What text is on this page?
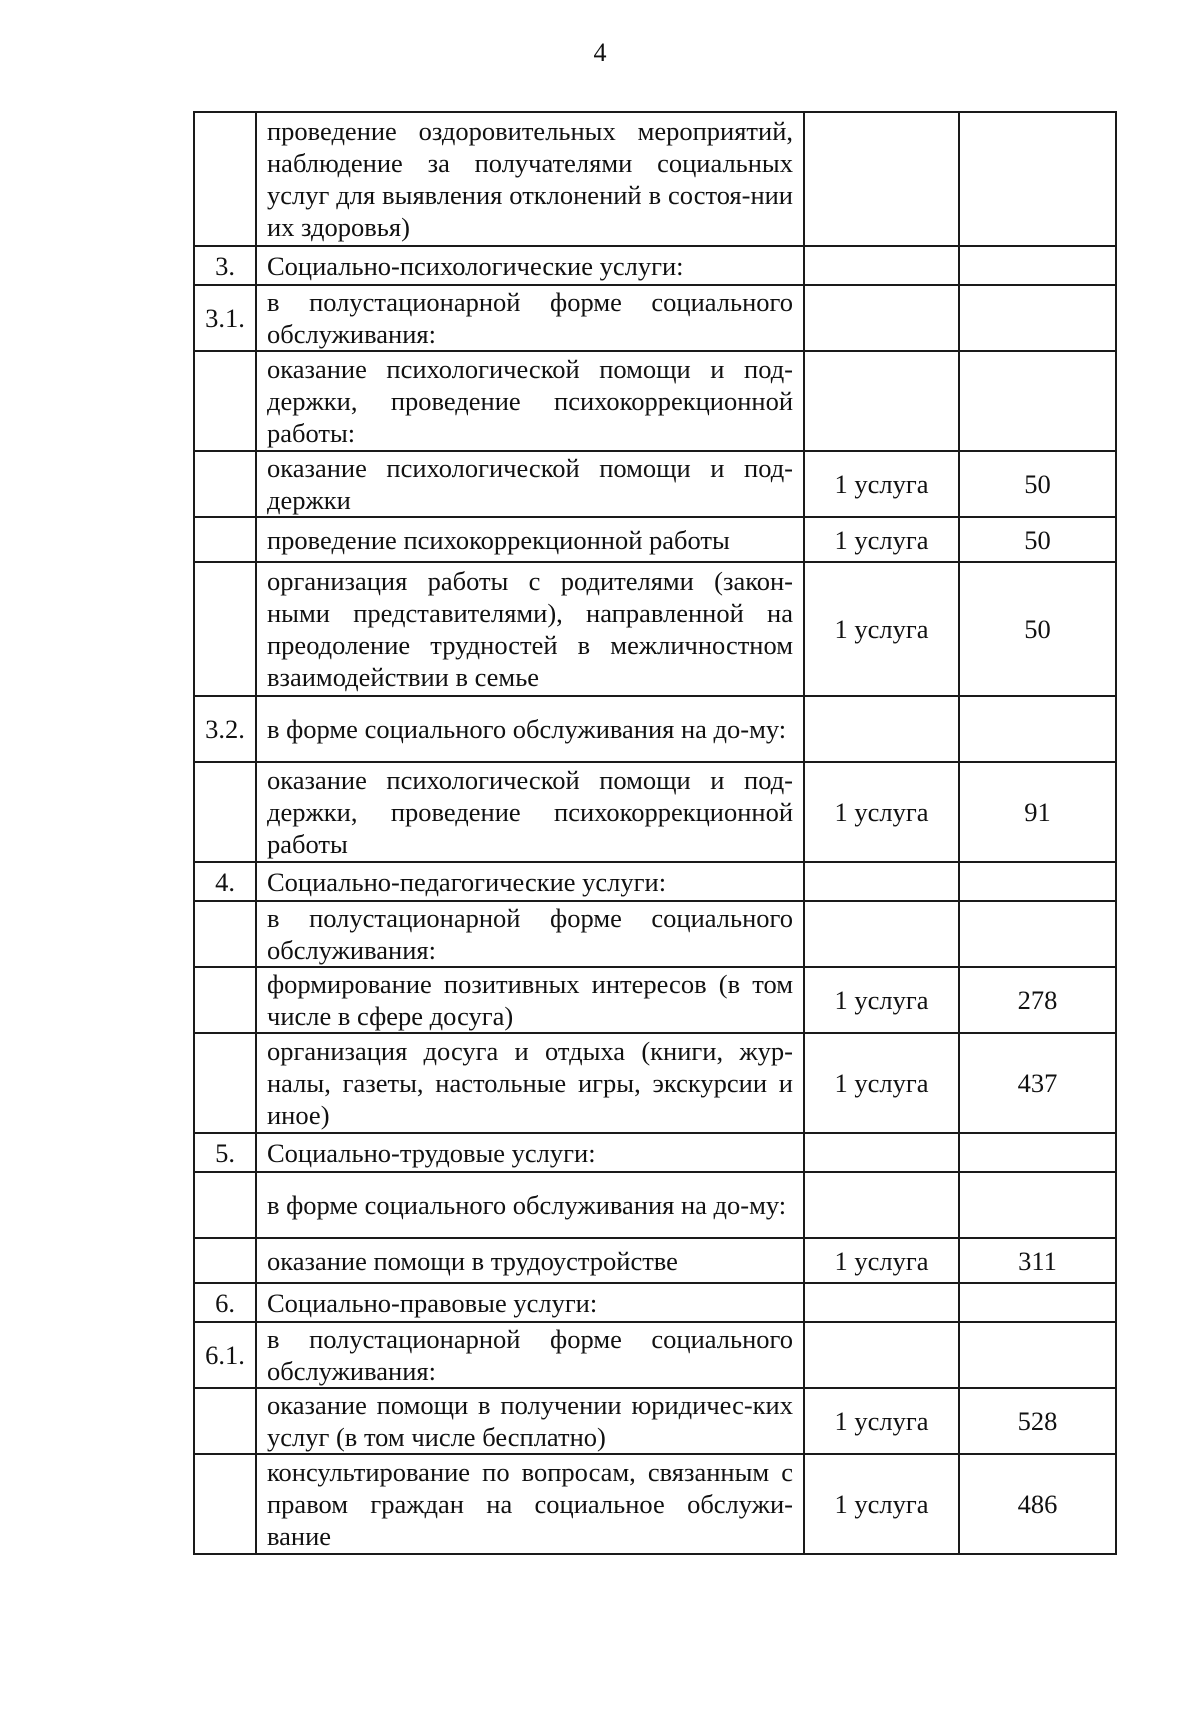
4
	проведение оздоровительных мероприятий, наблюдение за получателями социальных услуг для выявления отклонений в состоя-нии их здоровья)		
3.	Социально-психологические услуги:		
3.1.	в полустационарной форме социального обслуживания:		
	оказание психологической помощи и под-держки, проведение психокоррекционной работы:		
	оказание психологической помощи и под-держки	1 услуга	50
	проведение психокоррекционной работы	1 услуга	50
	организация работы с родителями (закон-ными представителями), направленной на преодоление трудностей в межличностном взаимодействии в семье	1 услуга	50
3.2.	в форме социального обслуживания на до-му:		
	оказание психологической помощи и под-держки, проведение психокоррекционной работы	1 услуга	91
4.	Социально-педагогические услуги:		
	в полустационарной форме социального обслуживания:		
	формирование позитивных интересов (в том числе в сфере досуга)	1 услуга	278
	организация досуга и отдыха (книги, жур-налы, газеты, настольные игры, экскурсии и иное)	1 услуга	437
5.	Социально-трудовые услуги:		
	в форме социального обслуживания на до-му:		
	оказание помощи в трудоустройстве	1 услуга	311
6.	Социально-правовые услуги:		
6.1.	в полустационарной форме социального обслуживания:		
	оказание помощи в получении юридичес-ких услуг (в том числе бесплатно)	1 услуга	528
	консультирование по вопросам, связанным с правом граждан на социальное обслужи-вание	1 услуга	486
